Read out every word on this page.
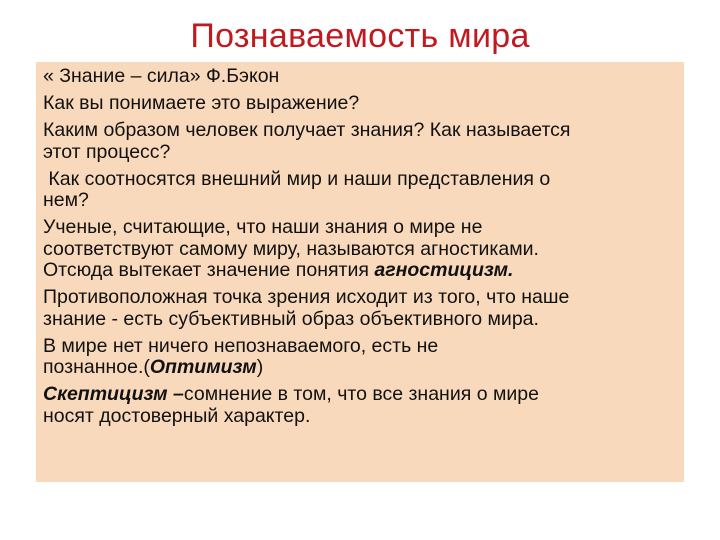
Познаваемость мира

« Знание – сила» Ф.Бэкон

Как вы понимаете это выражение?

Каким образом человек получает знания? Как называется
этот процесс?

Как соотносятся внешний мир и наши представления о
нем?

Ученые, считающие, что наши знания о мире не
соответствуют самому миру, называются агностиками.
Отсюда вытекает значение понятия агностицизм.

Противоположная точка зрения исходит из того, что наше
знание - есть субъективный образ объективного мира.

В мире нет ничего непознаваемого, есть не
познанное.(Оптимизм)

Скептицизм –сомнение в том, что все знания о мире
носят достоверный характер.
